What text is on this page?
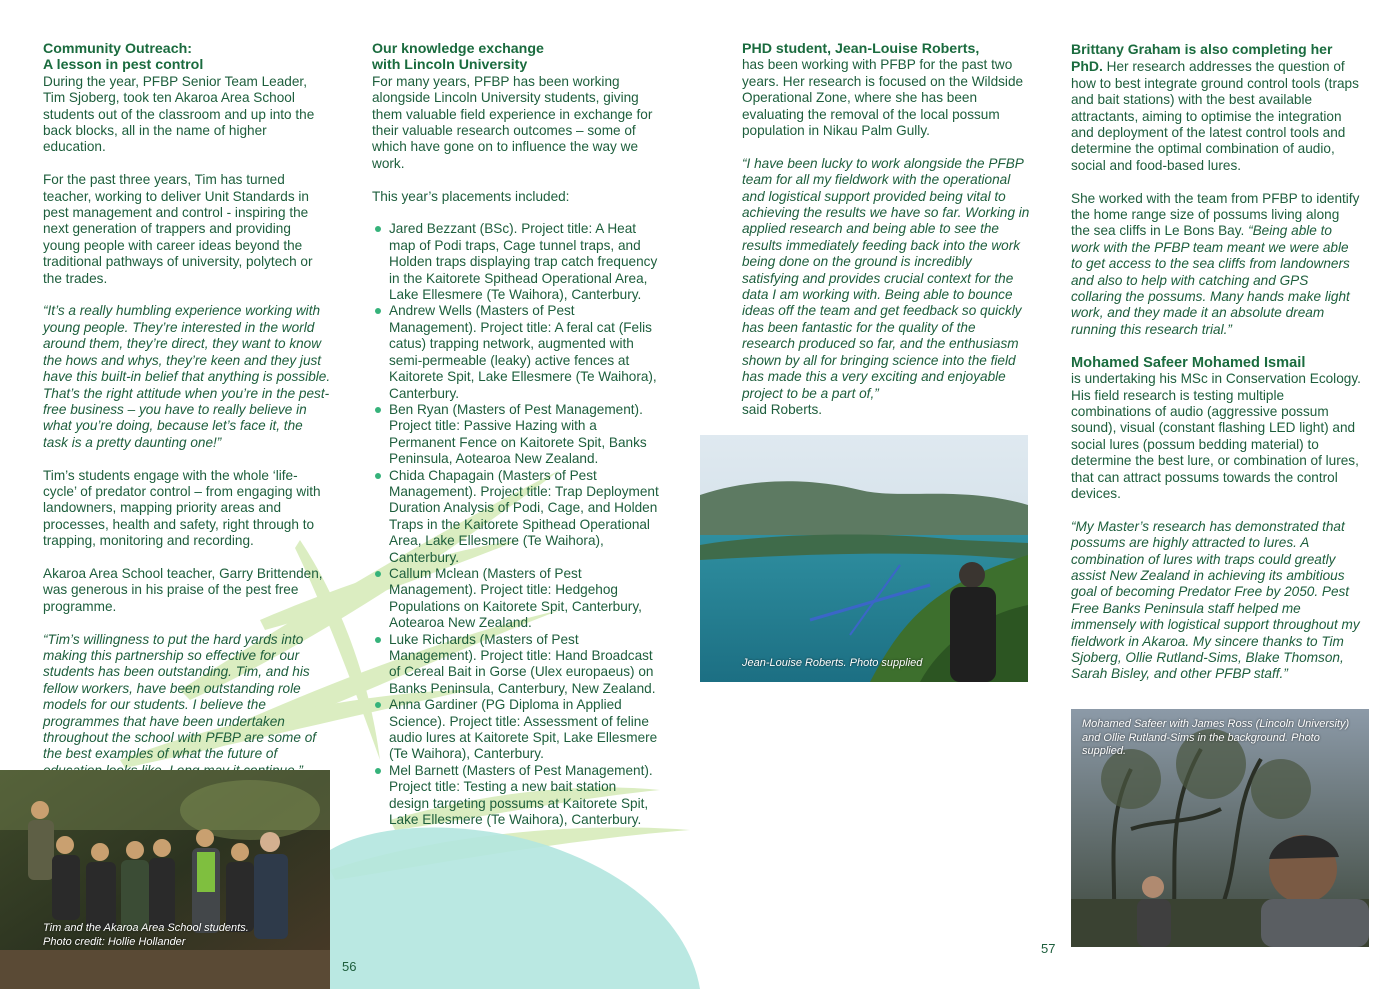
Community Outreach:
A lesson in pest control

During the year, PFBP Senior Team Leader, Tim Sjoberg, took ten Akaroa Area School students out of the classroom and up into the back blocks, all in the name of higher education.

For the past three years, Tim has turned teacher, working to deliver Unit Standards in pest management and control - inspiring the next generation of trappers and providing young people with career ideas beyond the traditional pathways of university, polytech or the trades.

“It’s a really humbling experience working with young people. They’re interested in the world around them, they’re direct, they want to know the hows and whys, they’re keen and they just have this built-in belief that anything is possible. That’s the right attitude when you’re in the pest-free business – you have to really believe in what you’re doing, because let’s face it, the task is a pretty daunting one!”

Tim’s students engage with the whole ‘life-cycle’ of predator control – from engaging with landowners, mapping priority areas and processes, health and safety, right through to trapping, monitoring and recording.

Akaroa Area School teacher, Garry Brittenden, was generous in his praise of the pest free programme.

“Tim’s willingness to put the hard yards into making this partnership so effective for our students has been outstanding. Tim, and his fellow workers, have been outstanding role models for our students. I believe the programmes that have been undertaken throughout the school with PFBP are some of the best examples of what the future of

Tim and the Akaroa Area School students.
Photo credit: Hollie Hollander
Our knowledge exchange
with Lincoln University

For many years, PFBP has been working alongside Lincoln University students, giving them valuable field experience in exchange for their valuable research outcomes – some of which have gone on to influence the way we work.

This year’s placements included:

Jared Bezzant (BSc). Project title: A Heat map of Podi traps, Cage tunnel traps, and Holden traps displaying trap catch frequency in the Kaitorete Spithead Operational Area, Lake Ellesmere (Te Waihora), Canterbury.
Andrew Wells (Masters of Pest Management). Project title: A feral cat (Felis catus) trapping network, augmented with semi-permeable (leaky) active fences at Kaitorete Spit, Lake Ellesmere (Te Waihora), Canterbury.
Ben Ryan (Masters of Pest Management). Project title: Passive Hazing with a Permanent Fence on Kaitorete Spit, Banks Peninsula, Aotearoa New Zealand.
Chida Chapagain (Masters of Pest Management). Project title: Trap Deployment Duration Analysis of Podi, Cage, and Holden Traps in the Kaitorete Spithead Operational Area, Lake Ellesmere (Te Waihora), Canterbury.
Callum Mclean (Masters of Pest Management). Project title: Hedgehog Populations on Kaitorete Spit, Canterbury, Aotearoa New Zealand.
Luke Richards (Masters of Pest Management). Project title: Hand Broadcast of Cereal Bait in Gorse (Ulex europaeus) on Banks Peninsula, Canterbury, New Zealand.
Anna Gardiner (PG Diploma in Applied Science). Project title: Assessment of feline audio lures at Kaitorete Spit, Lake Ellesmere (Te Waihora), Canterbury.
Mel Barnett (Masters of Pest Management). Project title: Testing a new bait station design targeting possums at Kaitorete Spit, Lake Ellesmere (Te Waihora), Canterbury.
56
PHD student, Jean-Louise Roberts,

has been working with PFBP for the past two years. Her research is focused on the Wildside Operational Zone, where she has been evaluating the removal of the local possum population in Nikau Palm Gully.

“I have been lucky to work alongside the PFBP team for all my fieldwork with the operational and logistical support provided being vital to achieving the results we have so far. Working in applied research and being able to see the results immediately feeding back into the work being done on the ground is incredibly satisfying and provides crucial context for the data I am working with. Being able to bounce ideas off the team and get feedback so quickly has been fantastic for the quality of the research produced so far, and the enthusiasm shown by all for bringing science into the field has made this a very exciting and enjoyable project to be a part of,”

said Roberts.

Jean-Louise Roberts. Photo supplied

Brittany Graham is also completing her PhD. Her research addresses the question of how to best integrate ground control tools (traps and bait stations) with the best available attractants, aiming to optimise the integration and deployment of the latest control tools and determine the optimal combination of audio, social and food-based lures.

She worked with the team from PFBP to identify the home range size of possums living along the sea cliffs in Le Bons Bay. “Being able to work with the PFBP team meant we were able to get access to the sea cliffs from landowners and also to help with catching and GPS collaring the possums. Many hands make light work, and they made it an absolute dream running this research trial.”

Mohamed Safeer Mohamed Ismail

is undertaking his MSc in Conservation Ecology. His field research is testing multiple combinations of audio (aggressive possum sound), visual (constant flashing LED light) and social lures (possum bedding material) to determine the best lure, or combination of lures, that can attract possums towards the control devices.

“My Master’s research has demonstrated that possums are highly attracted to lures. A combination of lures with traps could greatly assist New Zealand in achieving its ambitious goal of becoming Predator Free by 2050. Pest Free Banks Peninsula staff helped me immensely with logistical support throughout my fieldwork in Akaroa. My sincere thanks to Tim Sjoberg, Ollie Rutland-Sims, Blake Thomson, Sarah Bisley, and other PFBP staff.”

Mohamed Safeer with James Ross (Lincoln University) and Ollie Rutland-Sims in the background. Photo supplied.
57
